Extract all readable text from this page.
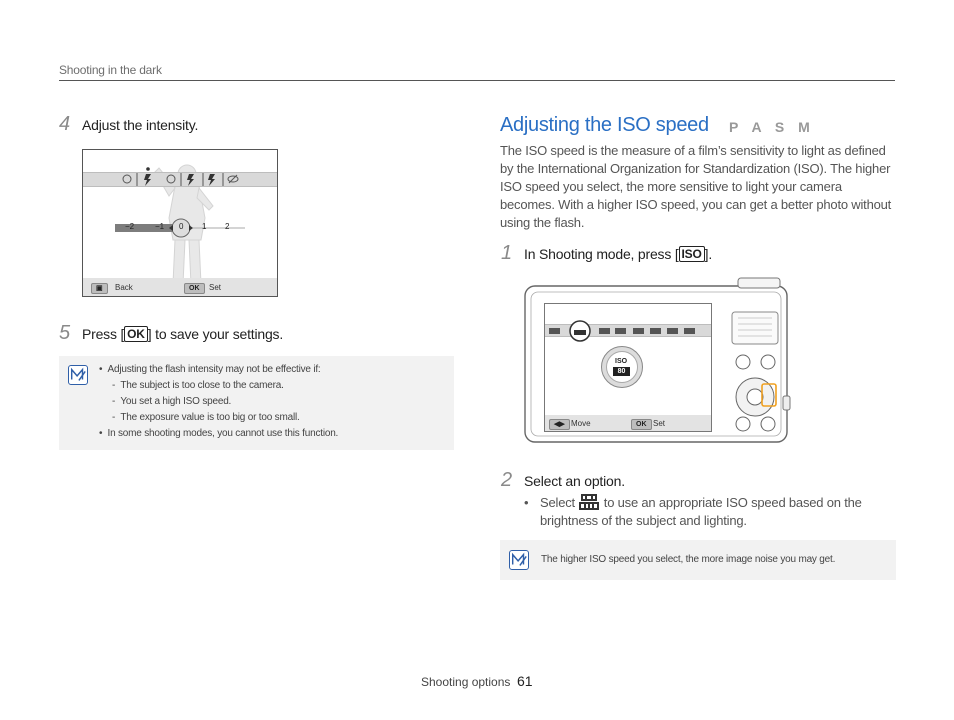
Shooting in the dark
4 Adjust the intensity.
−2	−1 0 1 2
▣	Back	OK	Set
5 Press [ OK ] to save your settings.
• Adjusting the flash intensity may not be effective if:
- The subject is too close to the camera.
- You set a high ISO speed.
- The exposure value is too big or too small.
• In some shooting modes, you cannot use this function.
Adjusting the ISO speed P A S M
The ISO speed is the measure of a film’s sensitivity to light as defined by the International Organization for Standardization (ISO). The higher ISO speed you select, the more sensitive to light your camera becomes. With a higher ISO speed, you can get a better photo without using the flash.
1 In Shooting mode, press [ ISO ].
ISO
80
◀▶ Move	OK Set
2 Select an option.
• Select to use an appropriate ISO speed based on the brightness of the subject and lighting.
The higher ISO speed you select, the more image noise you may get.
Shooting options 61
